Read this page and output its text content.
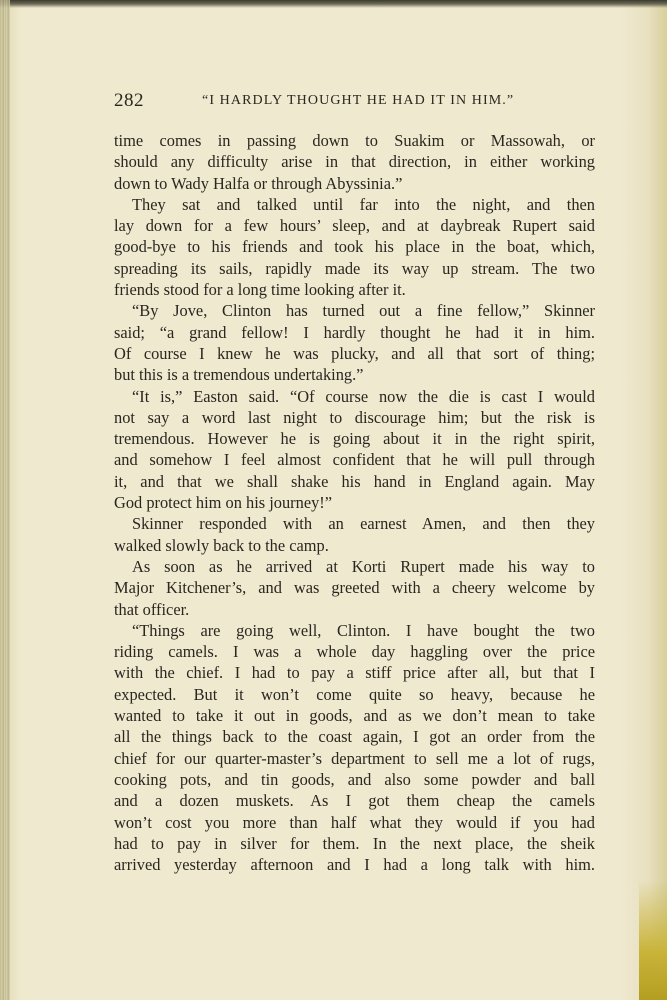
282	“I HARDLY THOUGHT HE HAD IT IN HIM.”
time comes in passing down to Suakim or Massowah, or
should any difficulty arise in that direction, in either working
down to Wady Halfa or through Abyssinia.”
They sat and talked until far into the night, and then
lay down for a few hours’ sleep, and at daybreak Rupert said
good-bye to his friends and took his place in the boat, which,
spreading its sails, rapidly made its way up stream. The two
friends stood for a long time looking after it.
“By Jove, Clinton has turned out a fine fellow,” Skinner
said; “a grand fellow! I hardly thought he had it in him.
Of course I knew he was plucky, and all that sort of thing;
but this is a tremendous undertaking.”
“It is,” Easton said. “Of course now the die is cast I would
not say a word last night to discourage him; but the risk is
tremendous. However he is going about it in the right spirit,
and somehow I feel almost confident that he will pull through
it, and that we shall shake his hand in England again. May
God protect him on his journey!”
Skinner responded with an earnest Amen, and then they
walked slowly back to the camp.
As soon as he arrived at Korti Rupert made his way to
Major Kitchener’s, and was greeted with a cheery welcome by
that officer.
“Things are going well, Clinton. I have bought the two
riding camels. I was a whole day haggling over the price
with the chief. I had to pay a stiff price after all, but that I
expected. But it won’t come quite so heavy, because he
wanted to take it out in goods, and as we don’t mean to take
all the things back to the coast again, I got an order from the
chief for our quarter-master’s department to sell me a lot of rugs,
cooking pots, and tin goods, and also some powder and ball
and a dozen muskets. As I got them cheap the camels
won’t cost you more than half what they would if you had
had to pay in silver for them. In the next place, the sheik
arrived yesterday afternoon and I had a long talk with him.
